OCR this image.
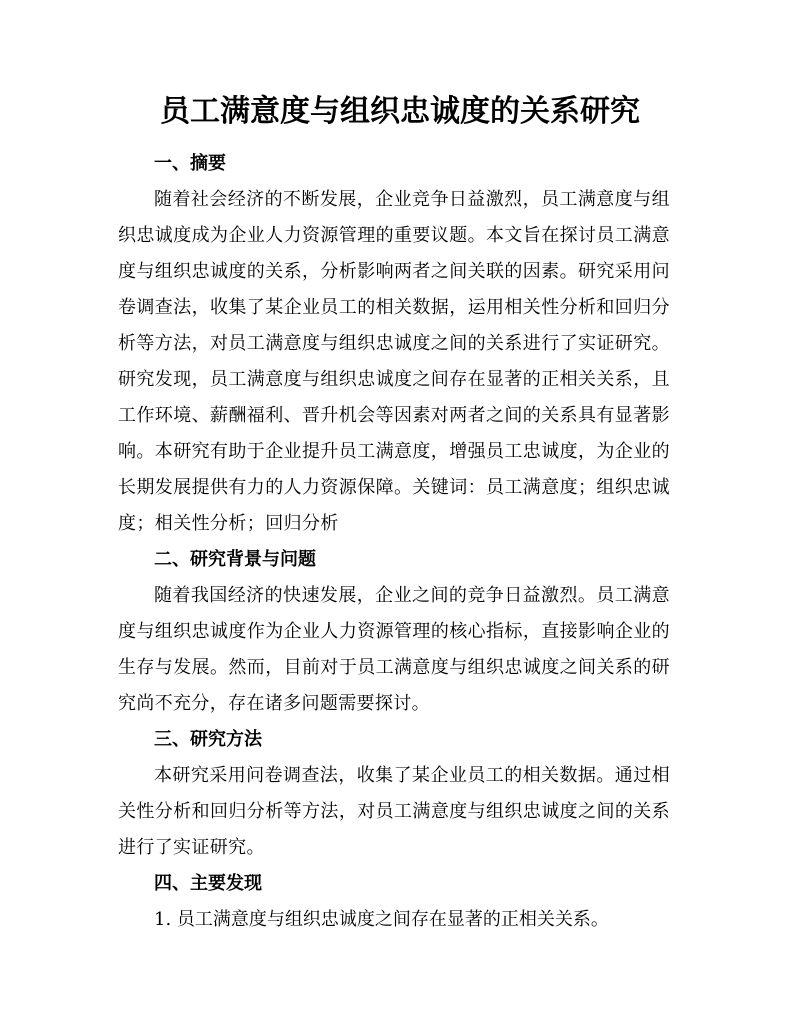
员工满意度与组织忠诚度的关系研究
一、摘要

随着社会经济的不断发展，企业竞争日益激烈，员工满意度与组织忠诚度成为企业人力资源管理的重要议题。本文旨在探讨员工满意度与组织忠诚度的关系，分析影响两者之间关联的因素。研究采用问卷调查法，收集了某企业员工的相关数据，运用相关性分析和回归分析等方法，对员工满意度与组织忠诚度之间的关系进行了实证研究。研究发现，员工满意度与组织忠诚度之间存在显著的正相关关系，且工作环境、薪酬福利、晋升机会等因素对两者之间的关系具有显著影响。本研究有助于企业提升员工满意度，增强员工忠诚度，为企业的长期发展提供有力的人力资源保障。关键词：员工满意度；组织忠诚度；相关性分析；回归分析

二、研究背景与问题

随着我国经济的快速发展，企业之间的竞争日益激烈。员工满意度与组织忠诚度作为企业人力资源管理的核心指标，直接影响企业的生存与发展。然而，目前对于员工满意度与组织忠诚度之间关系的研究尚不充分，存在诸多问题需要探讨。

三、研究方法

本研究采用问卷调查法，收集了某企业员工的相关数据。通过相关性分析和回归分析等方法，对员工满意度与组织忠诚度之间的关系进行了实证研究。

四、主要发现

1. 员工满意度与组织忠诚度之间存在显著的正相关关系。
